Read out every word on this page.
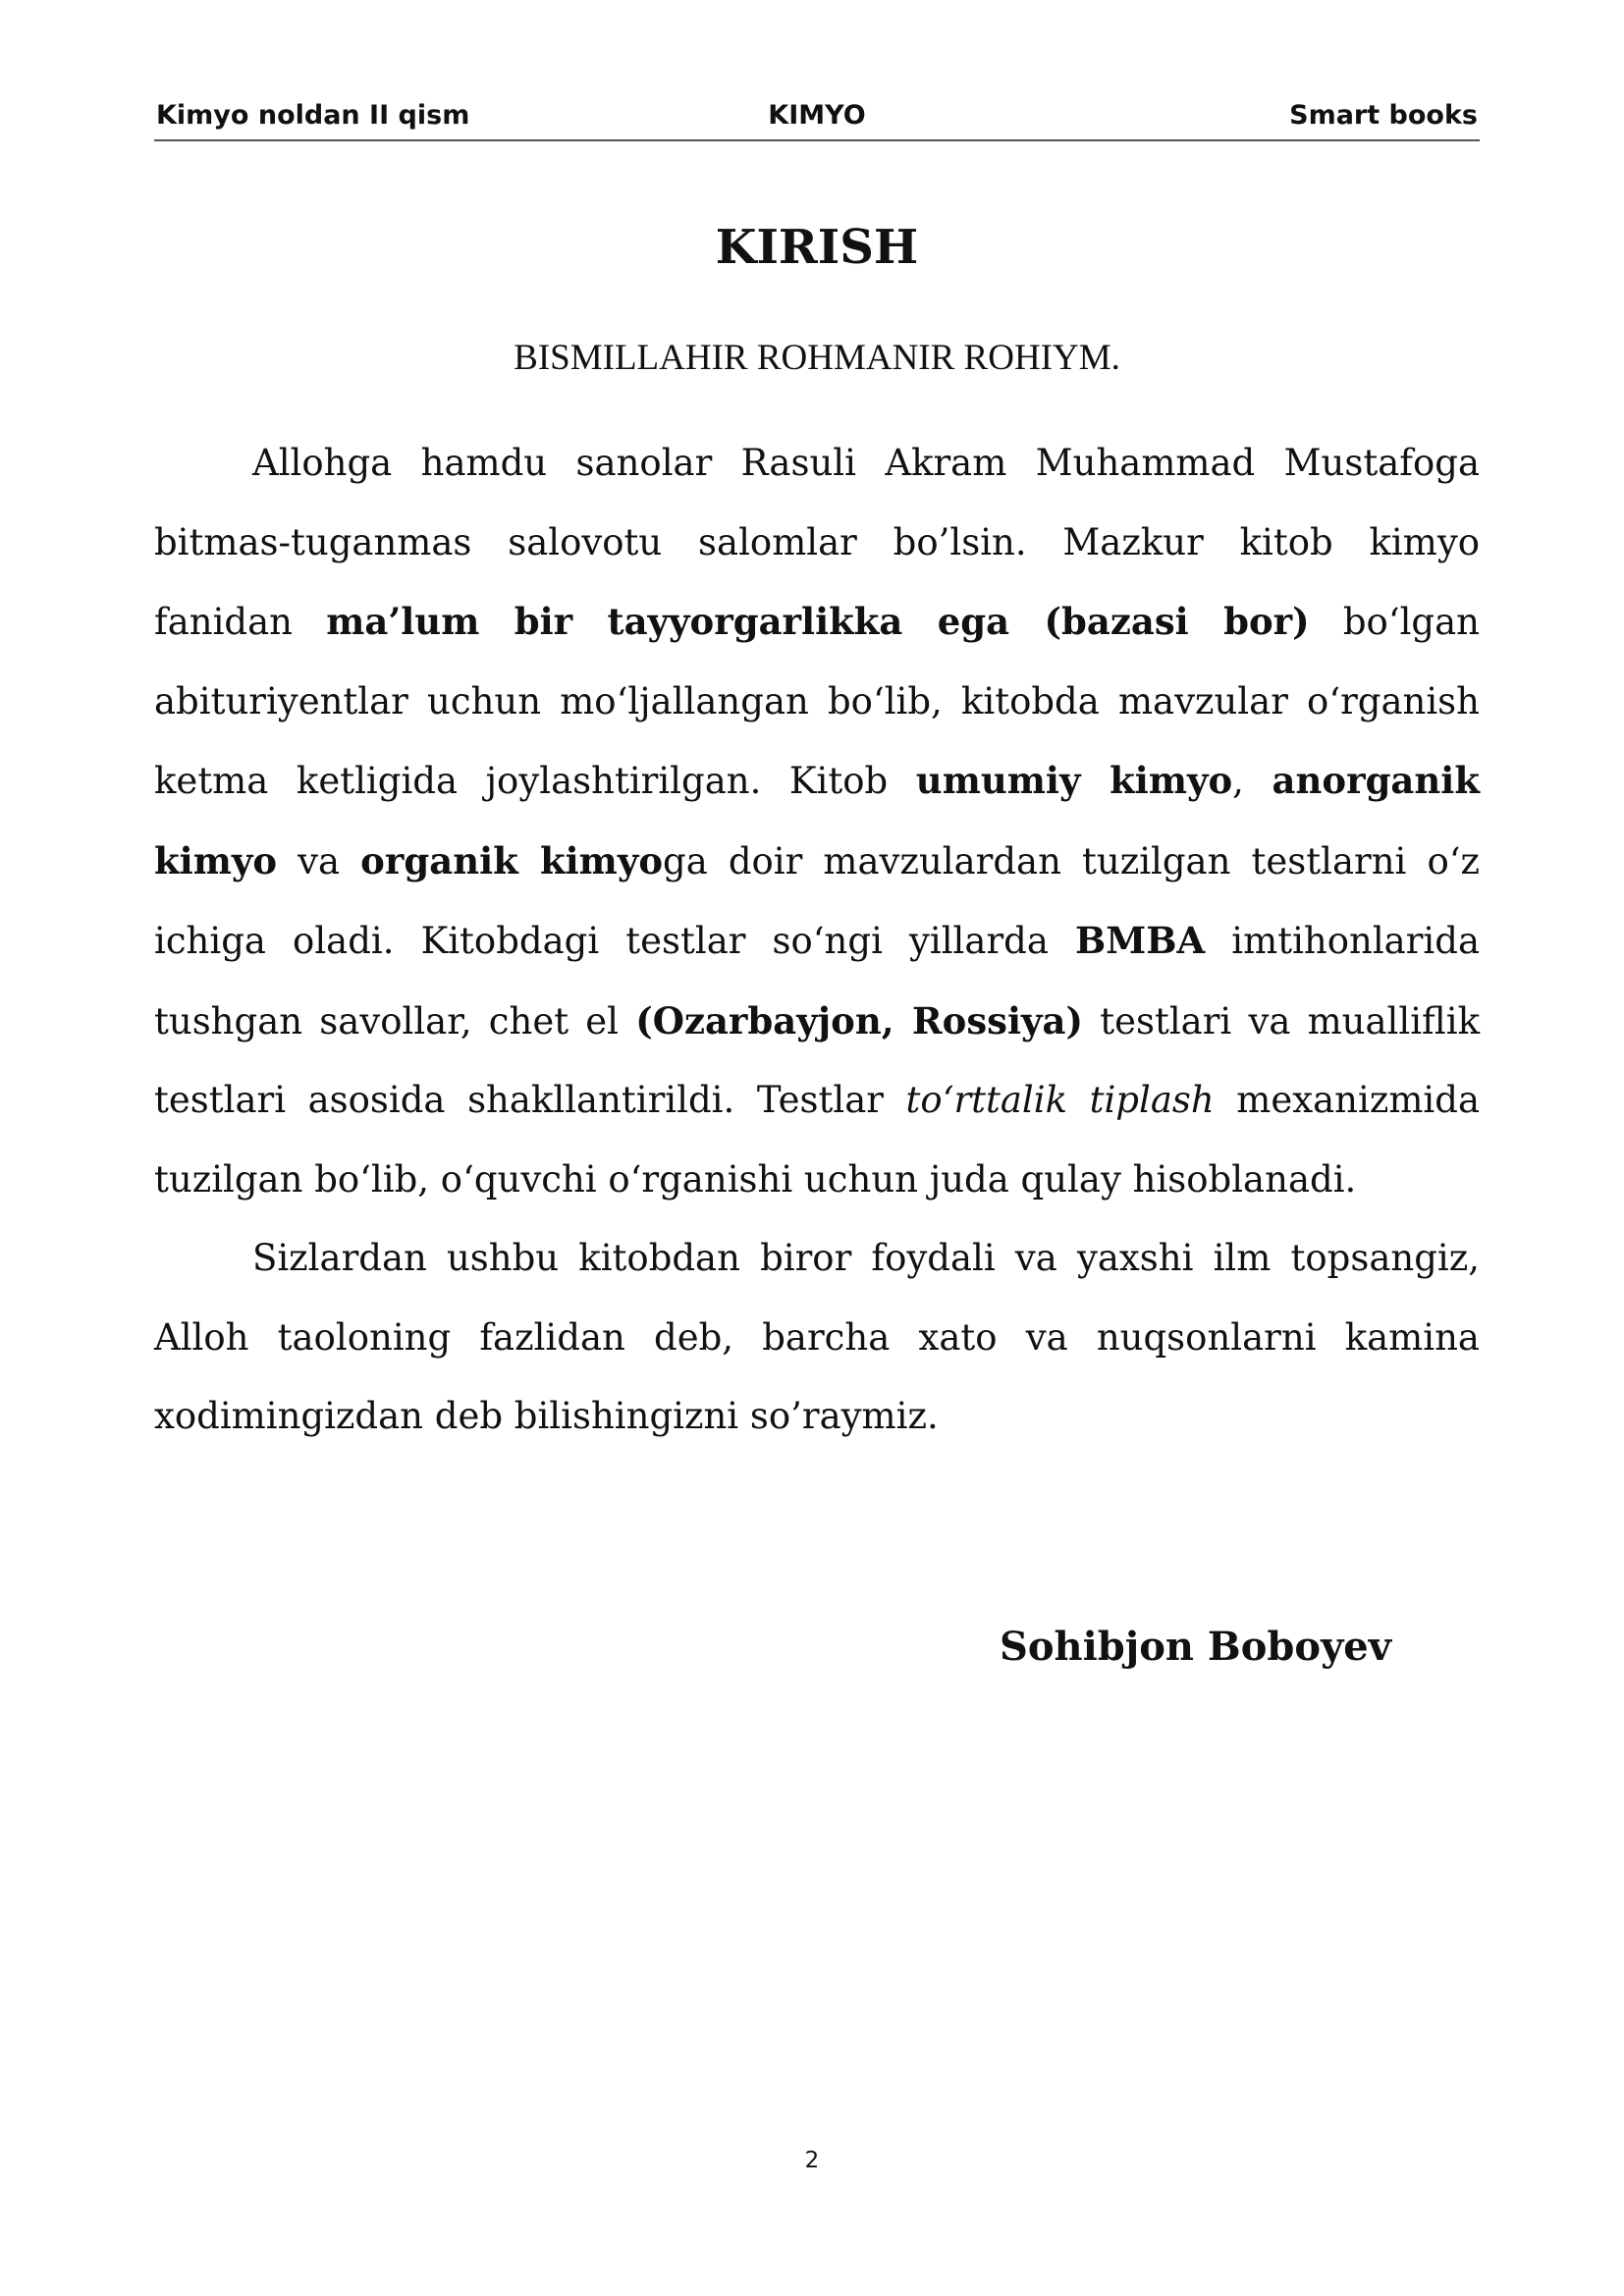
Kimyo noldan II qism	KIMYO	Smart books
KIRISH
BISMILLAHIR ROHMANIR ROHIYM.

Allohga hamdu sanolar Rasuli Akram Muhammad Mustafoga bitmas-tuganmas salovotu salomlar bo’lsin. Mazkur kitob kimyo fanidan ma’lum bir tayyorgarlikka ega (bazasi bor) bo‘lgan abituriyentlar uchun mo‘ljallangan bo‘lib, kitobda mavzular o‘rganish ketma ketligida joylashtirilgan. Kitob umumiy kimyo, anorganik kimyo va organik kimyoga doir mavzulardan tuzilgan testlarni o‘z ichiga oladi. Kitobdagi testlar so‘ngi yillarda BMBA imtihonlarida tushgan savollar, chet el (Ozarbayjon, Rossiya) testlari va mualliflik testlari asosida shakllantirildi. Testlar to‘rttalik tiplash mexanizmida tuzilgan bo‘lib, o‘quvchi o‘rganishi uchun juda qulay hisoblanadi.

Sizlardan ushbu kitobdan biror foydali va yaxshi ilm topsangiz, Alloh taoloning fazlidan deb, barcha xato va nuqsonlarni kamina xodimingizdan deb bilishingizni so’raymiz.

Sohibjon Boboyev
2
